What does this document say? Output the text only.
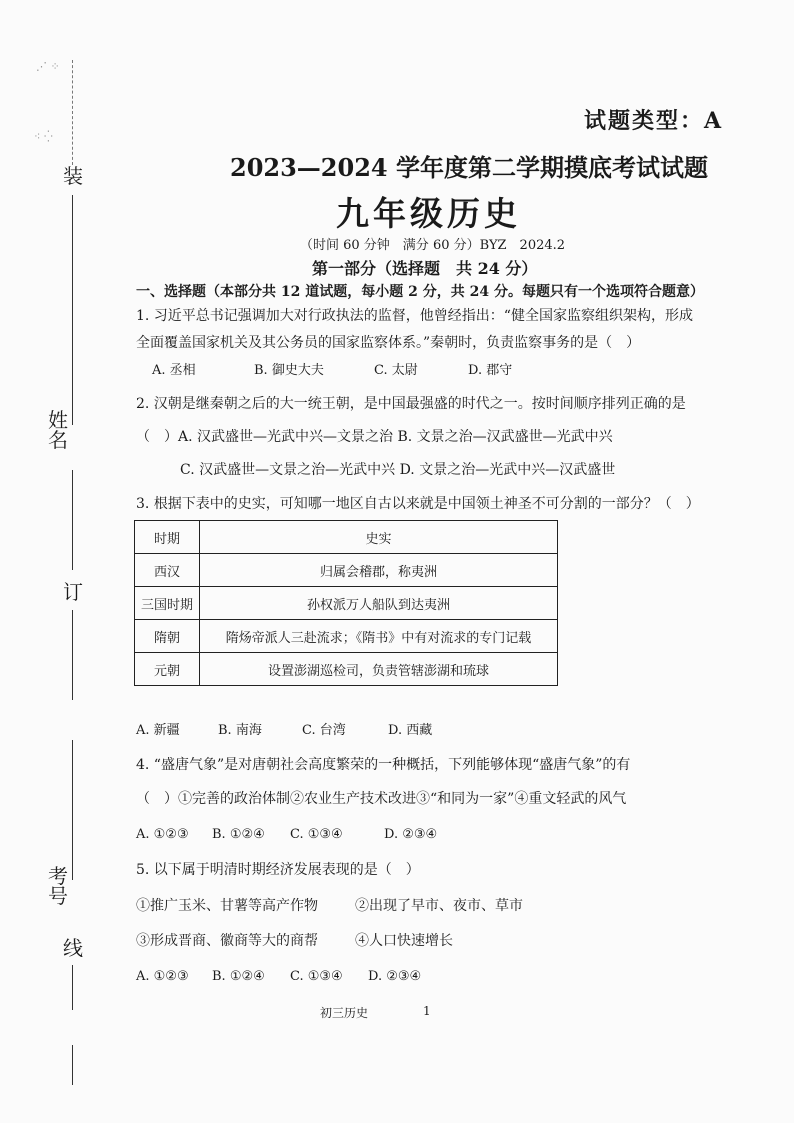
⋰ ⁘
⁖ ⁛
装
姓名
订
考号
线
试题类型：A
2023—2024 学年度第二学期摸底考试试题
九年级历史
（时间 60 分钟　满分 60 分）BYZ　2024.2
第一部分（选择题　共 24 分）
一、选择题（本部分共 12 道试题，每小题 2 分，共 24 分。每题只有一个选项符合题意）
1. 习近平总书记强调加大对行政执法的监督，他曾经指出：“健全国家监察组织架构，形成
全面覆盖国家机关及其公务员的国家监察体系。”秦朝时，负责监察事务的是（　）
A. 丞相	B. 御史大夫	C. 太尉	D. 郡守
2. 汉朝是继秦朝之后的大一统王朝，是中国最强盛的时代之一。按时间顺序排列正确的是
（　）A. 汉武盛世—光武中兴—文景之治 B. 文景之治—汉武盛世—光武中兴
C. 汉武盛世—文景之治—光武中兴 D. 文景之治—光武中兴—汉武盛世
3. 根据下表中的史实，可知哪一地区自古以来就是中国领土神圣不可分割的一部分？（　）
时期	史实
西汉	归属会稽郡，称夷洲
三国时期	孙权派万人船队到达夷洲
隋朝	隋炀帝派人三赴流求；《隋书》中有对流求的专门记载
元朝	设置澎湖巡检司，负责管辖澎湖和琉球
A. 新疆	B. 南海	C. 台湾	D. 西藏
4. “盛唐气象”是对唐朝社会高度繁荣的一种概括，下列能够体现“盛唐气象”的有
（　）①完善的政治体制②农业生产技术改进③“和同为一家”④重文轻武的风气
A. ①②③ B. ①②④ C. ①③④	D. ②③④
5. 以下属于明清时期经济发展表现的是（　）
①推广玉米、甘薯等高产作物	②出现了早市、夜市、草市
③形成晋商、徽商等大的商帮	④人口快速增长
A. ①②③ B. ①②④ C. ①③④ D. ②③④
初三历史	1
